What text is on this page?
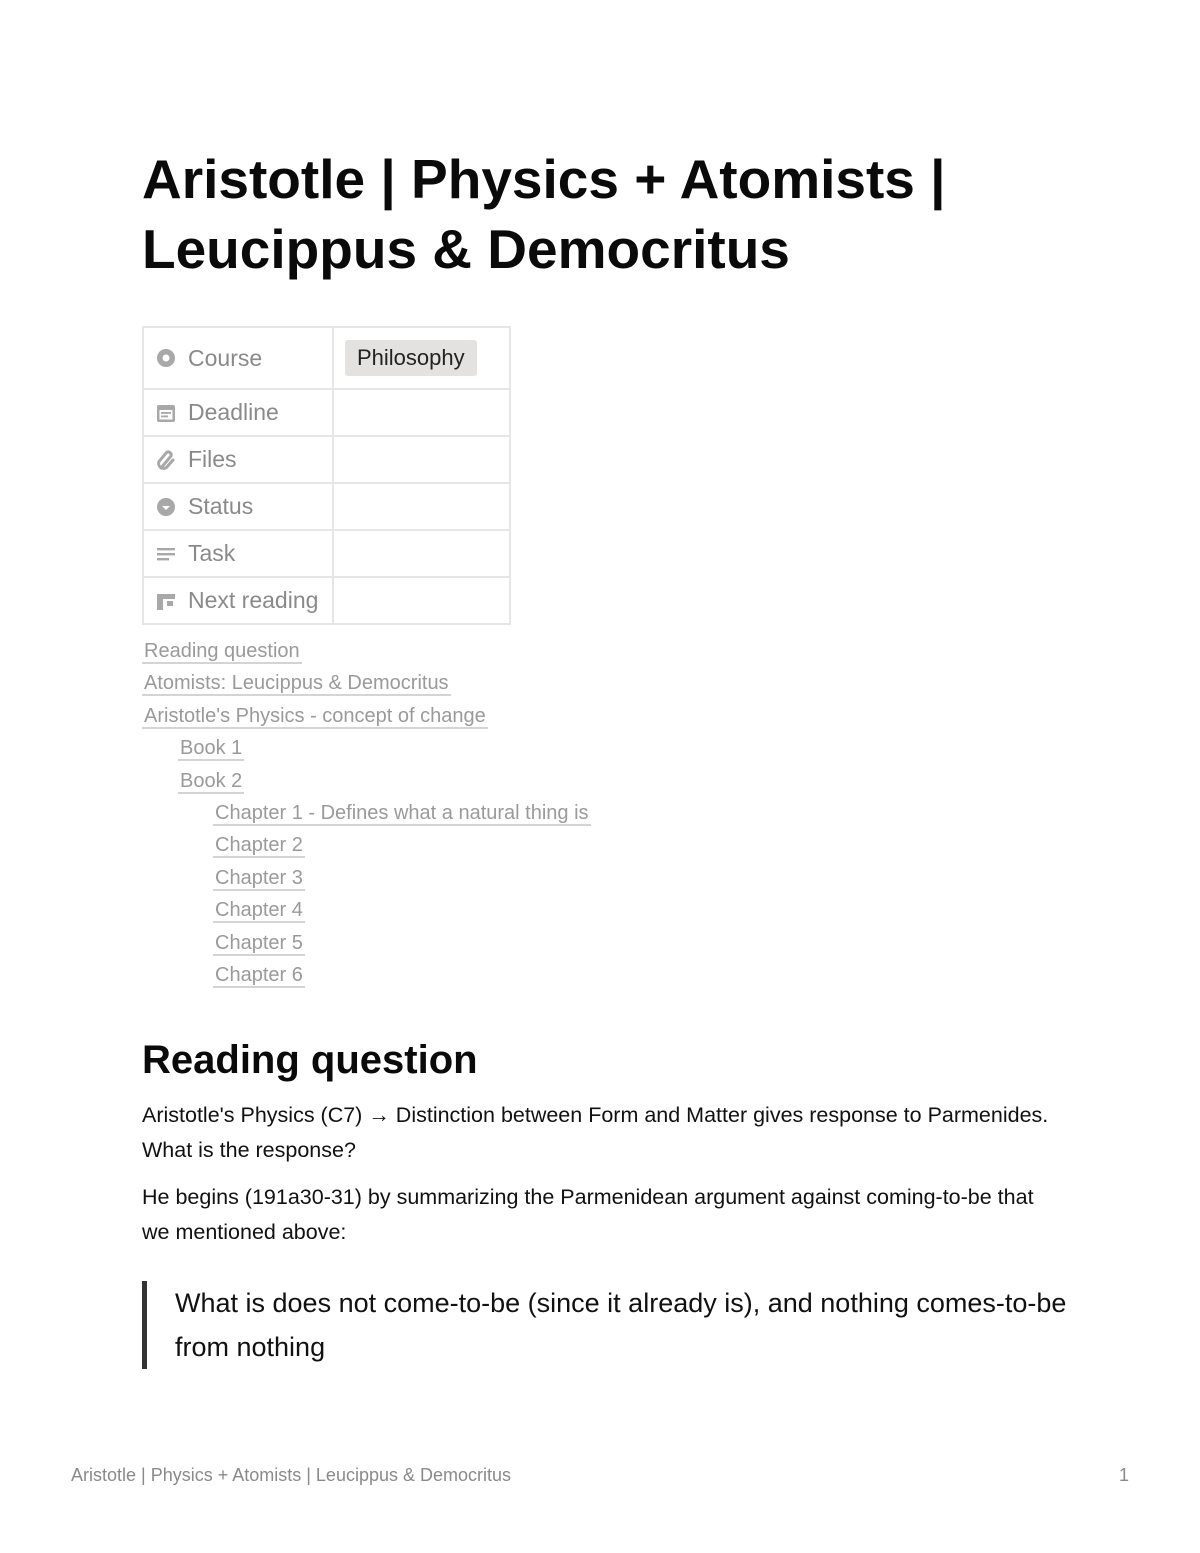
Aristotle | Physics + Atomists | Leucippus & Democritus
Course	Philosophy

Deadline	

Files	

Status	

Task	

Next reading	

Reading question
Atomists: Leucippus & Democritus
Aristotle's Physics - concept of change
Book 1
Book 2
Chapter 1 - Defines what a natural thing is
Chapter 2
Chapter 3
Chapter 4
Chapter 5
Chapter 6
Reading question

Aristotle's Physics (C7) → Distinction between Form and Matter gives response to Parmenides. What is the response?

He begins (191a30-31) by summarizing the Parmenidean argument against coming-to-be that we mentioned above:

What is does not come-to-be (since it already is), and nothing comes-to-be from nothing
Aristotle | Physics + Atomists | Leucippus & Democritus	1
